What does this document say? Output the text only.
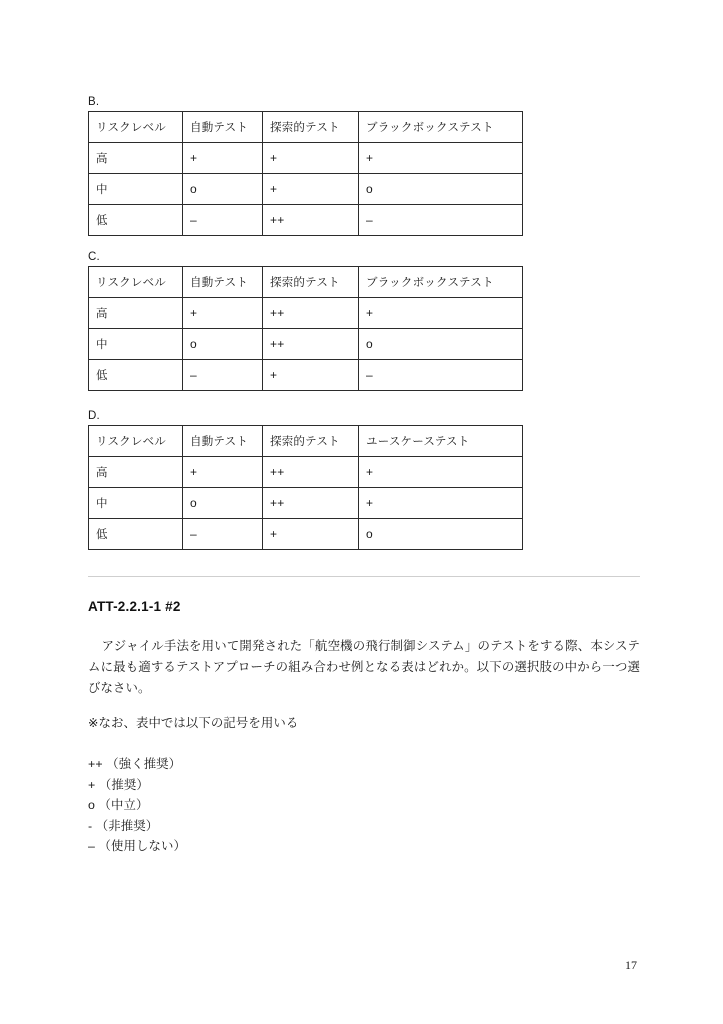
B.
リスクレベル	自動テスト	探索的テスト	ブラックボックステスト
高	+	+	+
中	o	+	o
低	–	++	–
C.
リスクレベル	自動テスト	探索的テスト	ブラックボックステスト
高	+	++	+
中	o	++	o
低	–	+	–
D.
リスクレベル	自動テスト	探索的テスト	ユースケーステスト
高	+	++	+
中	o	++	+
低	–	+	o
ATT-2.2.1-1 #2
アジャイル手法を用いて開発された「航空機の飛行制御システム」のテストをする際、本システムに最も適するテストアプローチの組み合わせ例となる表はどれか。以下の選択肢の中から一つ選びなさい。
※なお、表中では以下の記号を用いる
++ （強く推奨）
+ （推奨）
o （中立）
- （非推奨）
– （使用しない）
17
